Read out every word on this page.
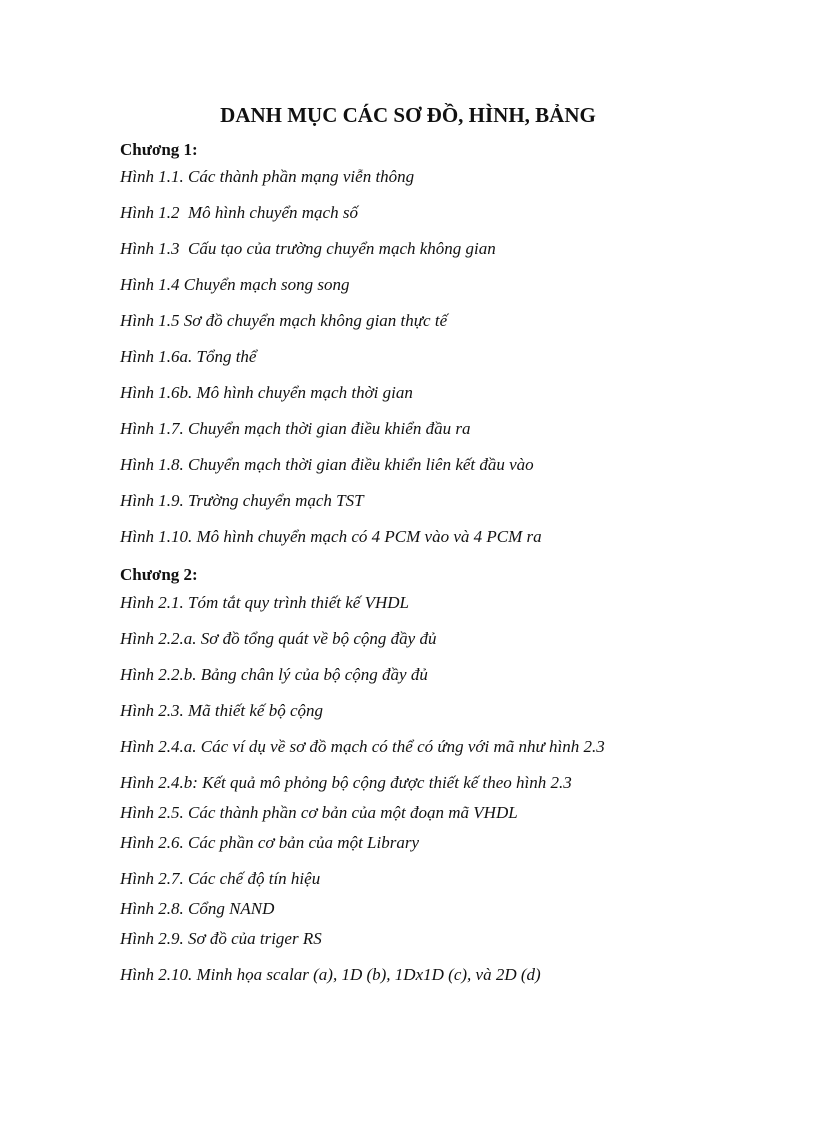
DANH MỤC CÁC SƠ ĐỒ, HÌNH, BẢNG
Chương 1:
Hình 1.1. Các thành phần mạng viễn thông
Hình 1.2  Mô hình chuyển mạch số
Hình 1.3  Cấu tạo của trường chuyển mạch không gian
Hình 1.4 Chuyển mạch song song
Hình 1.5 Sơ đồ chuyển mạch không gian thực tế
Hình 1.6a. Tổng thể
Hình 1.6b. Mô hình chuyển mạch thời gian
Hình 1.7. Chuyển mạch thời gian điều khiển đầu ra
Hình 1.8. Chuyển mạch thời gian điều khiển liên kết đầu vào
Hình 1.9. Trường chuyển mạch TST
Hình 1.10. Mô hình chuyển mạch có 4 PCM vào và 4 PCM ra
Chương 2:
Hình 2.1. Tóm tắt quy trình thiết kế VHDL
Hình 2.2.a. Sơ đồ tổng quát về bộ cộng đầy đủ
Hình 2.2.b. Bảng chân lý của bộ cộng đầy đủ
Hình 2.3. Mã thiết kế bộ cộng
Hình 2.4.a. Các ví dụ về sơ đồ mạch có thể có ứng với mã như hình 2.3
Hình 2.4.b: Kết quả mô phỏng bộ cộng được thiết kế theo hình 2.3
Hình 2.5. Các thành phần cơ bản của một đoạn mã VHDL
Hình 2.6. Các phần cơ bản của một Library
Hình 2.7. Các chế độ tín hiệu
Hình 2.8. Cổng NAND
Hình 2.9. Sơ đồ của triger RS
Hình 2.10. Minh họa scalar (a), 1D (b), 1Dx1D (c), và 2D (d)
